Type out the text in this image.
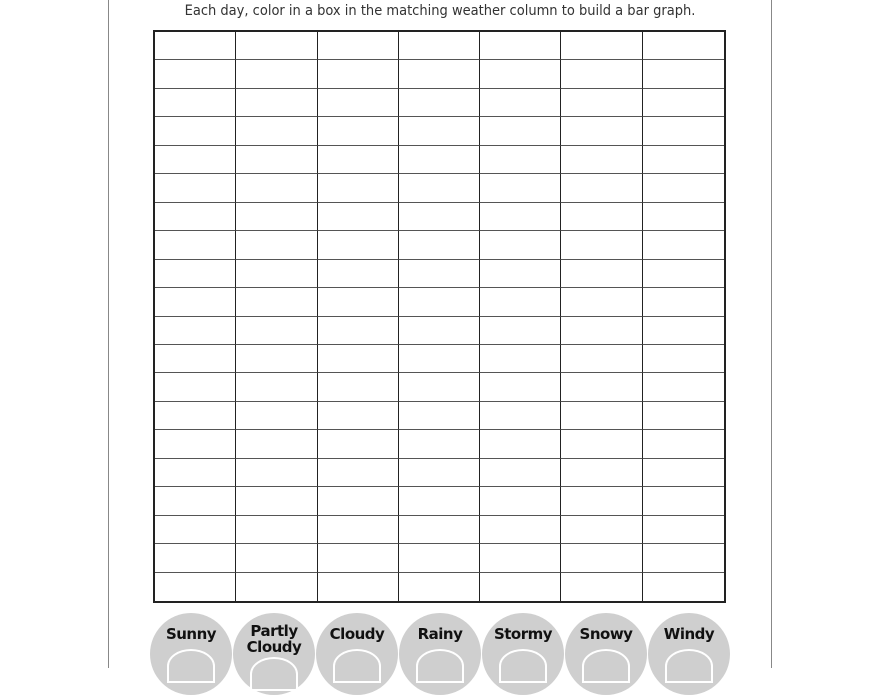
Each day, color in a box in the matching weather column to build a bar graph.
Sunny	Partly
Cloudy
Cloudy	Rainy	Stormy	Snowy	Windy
